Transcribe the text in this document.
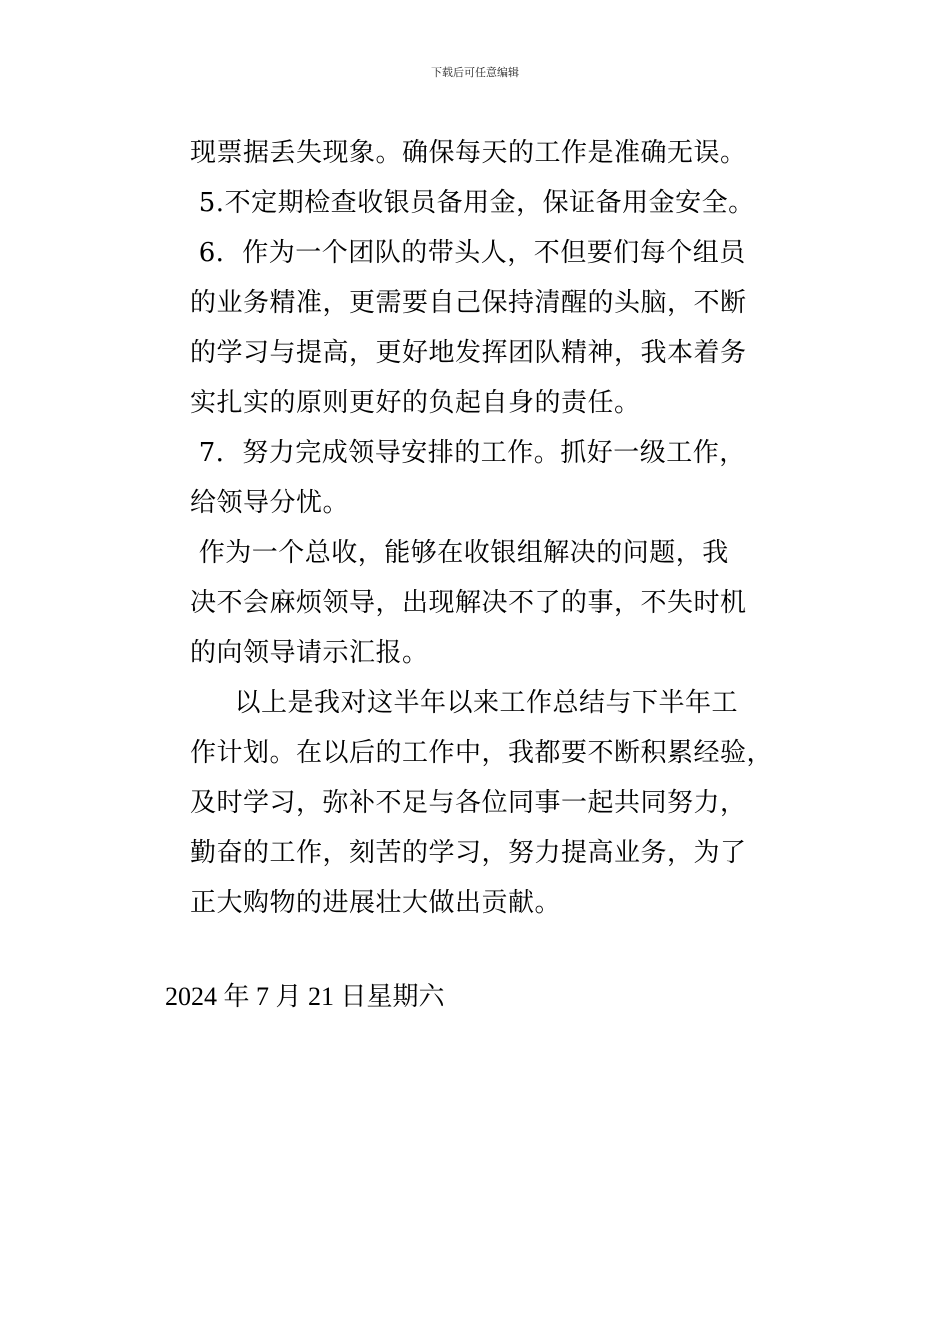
下载后可任意编辑
现票据丢失现象。确保每天的工作是准确无误。
5.不定期检查收银员备用金，保证备用金安全。
6．作为一个团队的带头人，不但要们每个组员
的业务精准，更需要自己保持清醒的头脑，不断
的学习与提高，更好地发挥团队精神，我本着务
实扎实的原则更好的负起自身的责任。
7．努力完成领导安排的工作。抓好一级工作，
给领导分忧。
作为一个总收，能够在收银组解决的问题，我
决不会麻烦领导，出现解决不了的事，不失时机
的向领导请示汇报。
　以上是我对这半年以来工作总结与下半年工
作计划。在以后的工作中，我都要不断积累经验，
及时学习，弥补不足与各位同事一起共同努力，
勤奋的工作，刻苦的学习，努力提高业务，为了
正大购物的进展壮大做出贡献。
2024 年 7 月 21 日星期六
